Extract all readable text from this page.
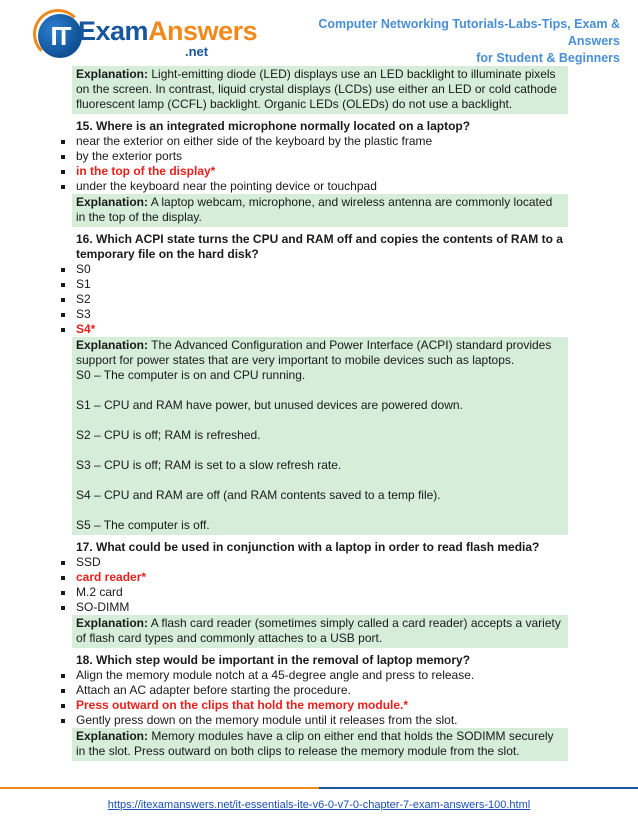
IT ExamAnswers
.net
Computer Networking Tutorials-Labs-Tips, Exam & Answers
for Student & Beginners

Explanation: Light-emitting diode (LED) displays use an LED backlight to illuminate pixels on the screen. In contrast, liquid crystal displays (LCDs) use either an LED or cold cathode fluorescent lamp (CCFL) backlight. Organic LEDs (OLEDs) do not use a backlight.

15. Where is an integrated microphone normally located on a laptop?
near the exterior on either side of the keyboard by the plastic frame
by the exterior ports
in the top of the display*
under the keyboard near the pointing device or touchpad

Explanation: A laptop webcam, microphone, and wireless antenna are commonly located in the top of the display.

16. Which ACPI state turns the CPU and RAM off and copies the contents of RAM to a temporary file on the hard disk?
S0
S1
S2
S3
S4*

Explanation: The Advanced Configuration and Power Interface (ACPI) standard provides support for power states that are very important to mobile devices such as laptops.

S0 – The computer is on and CPU running.

S1 – CPU and RAM have power, but unused devices are powered down.

S2 – CPU is off; RAM is refreshed.

S3 – CPU is off; RAM is set to a slow refresh rate.

S4 – CPU and RAM are off (and RAM contents saved to a temp file).

S5 – The computer is off.

17. What could be used in conjunction with a laptop in order to read flash media?
SSD
card reader*
M.2 card
SO-DIMM

Explanation: A flash card reader (sometimes simply called a card reader) accepts a variety of flash card types and commonly attaches to a USB port.

18. Which step would be important in the removal of laptop memory?
Align the memory module notch at a 45-degree angle and press to release.
Attach an AC adapter before starting the procedure.
Press outward on the clips that hold the memory module.*
Gently press down on the memory module until it releases from the slot.

Explanation: Memory modules have a clip on either end that holds the SODIMM securely in the slot. Press outward on both clips to release the memory module from the slot.

https://itexamanswers.net/it-essentials-ite-v6-0-v7-0-chapter-7-exam-answers-100.html
